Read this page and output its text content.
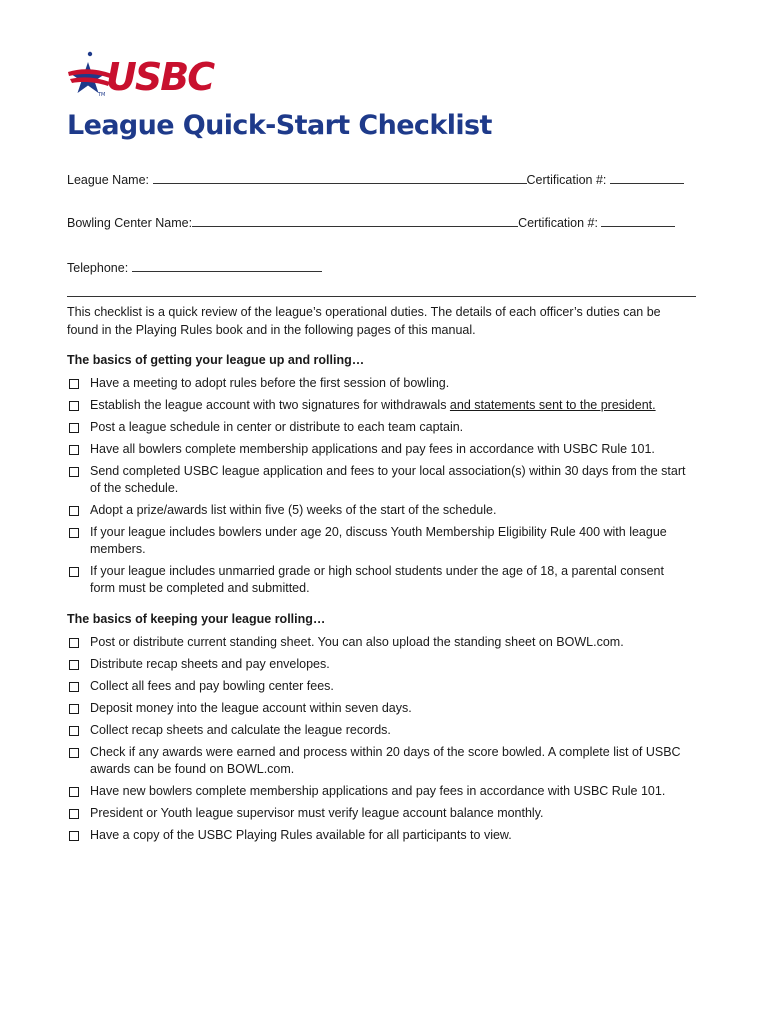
USBC
TM
League Quick-Start Checklist
League Name:	Certification #:
Bowling Center Name:	Certification #:
Telephone:
This checklist is a quick review of the league’s operational duties. The details of each officer’s duties can be found in the Playing Rules book and in the following pages of this manual.
The basics of getting your league up and rolling…
Have a meeting to adopt rules before the first session of bowling.
Establish the league account with two signatures for withdrawals and statements sent to the president.
Post a league schedule in center or distribute to each team captain.
Have all bowlers complete membership applications and pay fees in accordance with USBC Rule 101.
Send completed USBC league application and fees to your local association(s) within 30 days from the start of the schedule.
Adopt a prize/awards list within five (5) weeks of the start of the schedule.
If your league includes bowlers under age 20, discuss Youth Membership Eligibility Rule 400 with league members.
If your league includes unmarried grade or high school students under the age of 18, a parental consent form must be completed and submitted.
The basics of keeping your league rolling…
Post or distribute current standing sheet. You can also upload the standing sheet on BOWL.com.
Distribute recap sheets and pay envelopes.
Collect all fees and pay bowling center fees.
Deposit money into the league account within seven days.
Collect recap sheets and calculate the league records.
Check if any awards were earned and process within 20 days of the score bowled. A complete list of USBC awards can be found on BOWL.com.
Have new bowlers complete membership applications and pay fees in accordance with USBC Rule 101.
President or Youth league supervisor must verify league account balance monthly.
Have a copy of the USBC Playing Rules available for all participants to view.
